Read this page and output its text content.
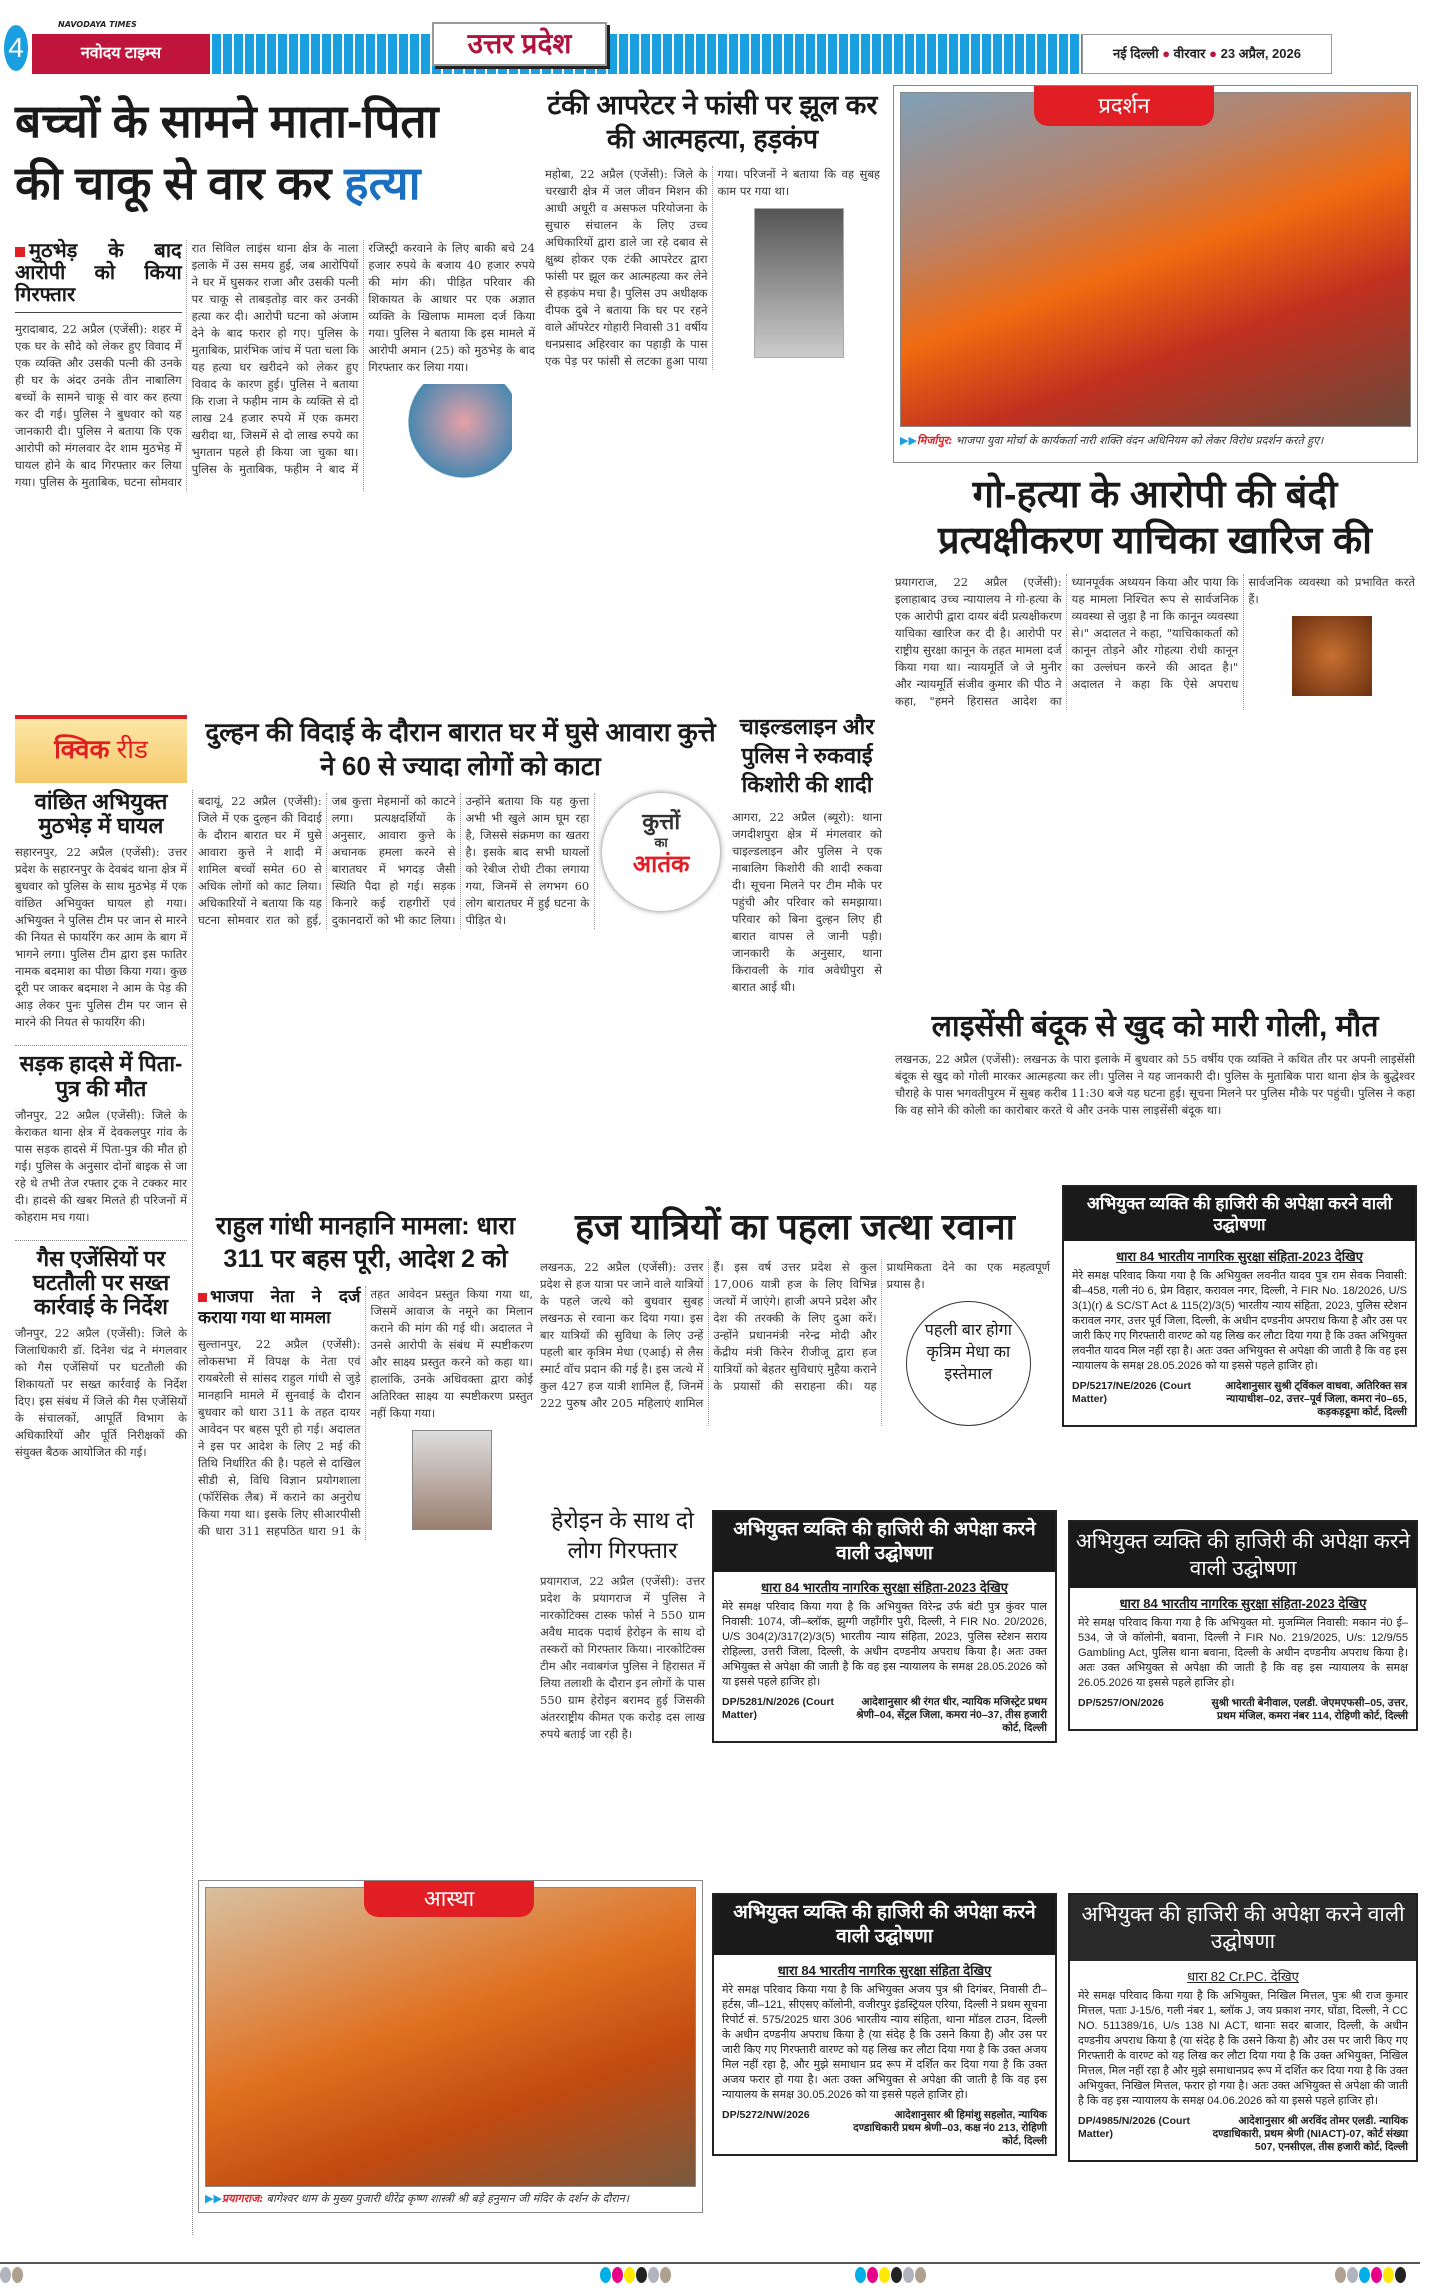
4
NAVODAYA TIMES
नवोदय टाइम्स	उत्तर प्रदेश	नई दिल्ली ● वीरवार ● 23 अप्रैल, 2026
बच्चों के सामने माता-पिता
की चाकू से वार कर हत्या
मुठभेड़ के बाद आरोपी को किया गिरफ्तार
मुरादाबाद, 22 अप्रैल (एजेंसी): शहर में एक घर के सौदे को लेकर हुए विवाद में एक व्यक्ति और उसकी पत्नी की उनके ही घर के अंदर उनके तीन नाबालिग बच्चों के सामने चाकू से वार कर हत्या कर दी गई। पुलिस ने बुधवार को यह जानकारी दी। पुलिस ने बताया कि एक आरोपी को मंगलवार देर शाम मुठभेड़ में घायल होने के बाद गिरफ्तार कर लिया गया। पुलिस के मुताबिक, घटना सोमवार रात सिविल लाइंस थाना क्षेत्र के नाला इलाके में उस समय हुई, जब आरोपियों ने घर में घुसकर राजा और उसकी पत्नी पर चाकू से ताबड़तोड़ वार कर उनकी हत्या कर दी। आरोपी घटना को अंजाम देने के बाद फरार हो गए। पुलिस के मुताबिक, प्रारंभिक जांच में पता चला कि यह हत्या घर खरीदने को लेकर हुए विवाद के कारण हुई। पुलिस ने बताया कि राजा ने फहीम नाम के व्यक्ति से दो लाख 24 हजार रुपये में एक कमरा खरीदा था, जिसमें से दो लाख रुपये का भुगतान पहले ही किया जा चुका था। पुलिस के मुताबिक, फहीम ने बाद में रजिस्ट्री करवाने के लिए बाकी बचे 24 हजार रुपये के बजाय 40 हजार रुपये की मांग की। पीड़ित परिवार की शिकायत के आधार पर एक अज्ञात व्यक्ति के खिलाफ मामला दर्ज किया गया। पुलिस ने बताया कि इस मामले में आरोपी अमान (25) को मुठभेड़ के बाद गिरफ्तार कर लिया गया।
टंकी आपरेटर ने फांसी पर झूल कर की आत्महत्या, हड़कंप
महोबा, 22 अप्रैल (एजेंसी): जिले के चरखारी क्षेत्र में जल जीवन मिशन की आधी अधूरी व असफल परियोजना के सुचारु संचालन के लिए उच्च अधिकारियों द्वारा डाले जा रहे दबाव से क्षुब्ध होकर एक टंकी आपरेटर द्वारा फांसी पर झूल कर आत्महत्या कर लेने से हड़कंप मचा है। पुलिस उप अधीक्षक दीपक दुबे ने बताया कि घर पर रहने वाले ऑपरेटर गोहारी निवासी 31 वर्षीय धनप्रसाद अहिरवार का पहाड़ी के पास एक पेड़ पर फांसी से लटका हुआ पाया गया। परिजनों ने बताया कि वह सुबह काम पर गया था।
प्रदर्शन
▶▶मिर्जापुर: भाजपा युवा मोर्चा के कार्यकर्ता नारी शक्ति वंदन अधिनियम को लेकर विरोध प्रदर्शन करते हुए।
गो-हत्या के आरोपी की बंदी प्रत्यक्षीकरण याचिका खारिज की
प्रयागराज, 22 अप्रैल (एजेंसी): इलाहाबाद उच्च न्यायालय ने गो-हत्या के एक आरोपी द्वारा दायर बंदी प्रत्यक्षीकरण याचिका खारिज कर दी है। आरोपी पर राष्ट्रीय सुरक्षा कानून के तहत मामला दर्ज किया गया था। न्यायमूर्ति जे जे मुनीर और न्यायमूर्ति संजीव कुमार की पीठ ने कहा, "हमने हिरासत आदेश का ध्यानपूर्वक अध्ययन किया और पाया कि यह मामला निश्चित रूप से सार्वजनिक व्यवस्था से जुड़ा है ना कि कानून व्यवस्था से।" अदालत ने कहा, "याचिकाकर्ता को कानून तोड़ने और गोहत्या रोधी कानून का उल्लंघन करने की आदत है।" अदालत ने कहा कि ऐसे अपराध सार्वजनिक व्यवस्था को प्रभावित करते हैं।
क्विक रीड
वांछित अभियुक्त मुठभेड़ में घायल
सहारनपुर, 22 अप्रैल (एजेंसी): उत्तर प्रदेश के सहारनपुर के देवबंद थाना क्षेत्र में बुधवार को पुलिस के साथ मुठभेड़ में एक वांछित अभियुक्त घायल हो गया। अभियुक्त ने पुलिस टीम पर जान से मारने की नियत से फायरिंग कर आम के बाग में भागने लगा। पुलिस टीम द्वारा इस फातिर नामक बदमाश का पीछा किया गया। कुछ दूरी पर जाकर बदमाश ने आम के पेड़ की आड़ लेकर पुनः पुलिस टीम पर जान से मारने की नियत से फायरिंग की।
सड़क हादसे में पिता-पुत्र की मौत
जौनपुर, 22 अप्रैल (एजेंसी): जिले के केराकत थाना क्षेत्र में देवकलपुर गांव के पास सड़क हादसे में पिता-पुत्र की मौत हो गई। पुलिस के अनुसार दोनों बाइक से जा रहे थे तभी तेज रफ्तार ट्रक ने टक्कर मार दी। हादसे की खबर मिलते ही परिजनों में कोहराम मच गया।
गैस एजेंसियों पर घटतौली पर सख्त कार्रवाई के निर्देश
जौनपुर, 22 अप्रैल (एजेंसी): जिले के जिलाधिकारी डॉ. दिनेश चंद्र ने मंगलवार को गैस एजेंसियों पर घटतौली की शिकायतों पर सख्त कार्रवाई के निर्देश दिए। इस संबंध में जिले की गैस एजेंसियों के संचालकों, आपूर्ति विभाग के अधिकारियों और पूर्ति निरीक्षकों की संयुक्त बैठक आयोजित की गई।
दुल्हन की विदाई के दौरान बारात घर में घुसे आवारा कुत्ते ने 60 से ज्यादा लोगों को काटा
बदायूं, 22 अप्रैल (एजेंसी): जिले में एक दुल्हन की विदाई के दौरान बारात घर में घुसे आवारा कुत्ते ने शादी में शामिल बच्चों समेत 60 से अधिक लोगों को काट लिया। अधिकारियों ने बताया कि यह घटना सोमवार रात को हुई, जब कुत्ता मेहमानों को काटने लगा। प्रत्यक्षदर्शियों के अनुसार, आवारा कुत्ते के अचानक हमला करने से बारातघर में भगदड़ जैसी स्थिति पैदा हो गई। सड़क किनारे कई राहगीरों एवं दुकानदारों को भी काट लिया। उन्होंने बताया कि यह कुत्ता अभी भी खुले आम घूम रहा है, जिससे संक्रमण का खतरा है। इसके बाद सभी घायलों को रेबीज रोधी टीका लगाया गया, जिनमें से लगभग 60 लोग बारातघर में हुई घटना के पीड़ित थे।
कुत्तों
का
आतंक
चाइल्डलाइन और पुलिस ने रुकवाई किशोरी की शादी
आगरा, 22 अप्रैल (ब्यूरो): थाना जगदीशपुरा क्षेत्र में मंगलवार को चाइल्डलाइन और पुलिस ने एक नाबालिग किशोरी की शादी रुकवा दी। सूचना मिलने पर टीम मौके पर पहुंची और परिवार को समझाया। परिवार को बिना दुल्हन लिए ही बारात वापस ले जानी पड़ी। जानकारी के अनुसार, थाना किरावली के गांव अवेधीपुरा से बारात आई थी।
लाइसेंसी बंदूक से खुद को मारी गोली, मौत
लखनऊ, 22 अप्रैल (एजेंसी): लखनऊ के पारा इलाके में बुधवार को 55 वर्षीय एक व्यक्ति ने कथित तौर पर अपनी लाइसेंसी बंदूक से खुद को गोली मारकर आत्महत्या कर ली। पुलिस ने यह जानकारी दी। पुलिस के मुताबिक पारा थाना क्षेत्र के बुद्धेश्वर चौराहे के पास भगवतीपुरम में सुबह करीब 11:30 बजे यह घटना हुई। सूचना मिलने पर पुलिस मौके पर पहुंची। पुलिस ने कहा कि वह सोने की कोली का कारोबार करते थे और उनके पास लाइसेंसी बंदूक था।
राहुल गांधी मानहानि मामला: धारा 311 पर बहस पूरी, आदेश 2 को
भाजपा नेता ने दर्ज कराया गया था मामला
सुल्तानपुर, 22 अप्रैल (एजेंसी): लोकसभा में विपक्ष के नेता एवं रायबरेली से सांसद राहुल गांधी से जुड़े मानहानि मामले में सुनवाई के दौरान बुधवार को धारा 311 के तहत दायर आवेदन पर बहस पूरी हो गई। अदालत ने इस पर आदेश के लिए 2 मई की तिथि निर्धारित की है। पहले से दाखिल सीडी से, विधि विज्ञान प्रयोगशाला (फॉरेंसिक लैब) में कराने का अनुरोध किया गया था। इसके लिए सीआरपीसी की धारा 311 सहपठित धारा 91 के तहत आवेदन प्रस्तुत किया गया था, जिसमें आवाज के नमूने का मिलान कराने की मांग की गई थी। अदालत ने उनसे आरोपी के संबंध में स्पष्टीकरण और साक्ष्य प्रस्तुत करने को कहा था। हालांकि, उनके अधिवक्ता द्वारा कोई अतिरिक्त साक्ष्य या स्पष्टीकरण प्रस्तुत नहीं किया गया।
हज यात्रियों का पहला जत्था रवाना
लखनऊ, 22 अप्रैल (एजेंसी): उत्तर प्रदेश से हज यात्रा पर जाने वाले यात्रियों के पहले जत्थे को बुधवार सुबह लखनऊ से रवाना कर दिया गया। इस बार यात्रियों की सुविधा के लिए उन्हें पहली बार कृत्रिम मेधा (एआई) से लैस स्मार्ट वॉच प्रदान की गई है। इस जत्थे में कुल 427 हज यात्री शामिल हैं, जिनमें 222 पुरुष और 205 महिलाएं शामिल हैं। इस वर्ष उत्तर प्रदेश से कुल 17,006 यात्री हज के लिए विभिन्न जत्थों में जाएंगे। हाजी अपने प्रदेश और देश की तरक्की के लिए दुआ करें। उन्होंने प्रधानमंत्री नरेन्द्र मोदी और केंद्रीय मंत्री किरेन रीजीजू द्वारा हज यात्रियों को बेहतर सुविधाएं मुहैया कराने के प्रयासों की सराहना की। यह प्राथमिकता देने का एक महत्वपूर्ण प्रयास है।
पहली बार होगा कृत्रिम मेधा का इस्तेमाल
हेरोइन के साथ दो लोग गिरफ्तार
प्रयागराज, 22 अप्रैल (एजेंसी): उत्तर प्रदेश के प्रयागराज में पुलिस ने नारकोटिक्स टास्क फोर्स ने 550 ग्राम अवैध मादक पदार्थ हेरोइन के साथ दो तस्करों को गिरफ्तार किया। नारकोटिक्स टीम और नवाबगंज पुलिस ने हिरासत में लिया तलाशी के दौरान इन लोगों के पास 550 ग्राम हेरोइन बरामद हुई जिसकी अंतरराष्ट्रीय कीमत एक करोड़ दस लाख रुपये बताई जा रही है।
आस्था
▶▶प्रयागराज: बागेश्वर धाम के मुख्य पुजारी धीरेंद्र कृष्ण शास्त्री श्री बड़े हनुमान जी मंदिर के दर्शन के दौरान।
अभियुक्त व्यक्ति की हाजिरी की अपेक्षा करने वाली उद्घोषणा
धारा 84 भारतीय नागरिक सुरक्षा संहिता-2023 देखिए
मेरे समक्ष परिवाद किया गया है कि अभियुक्त लवनीत यादव पुत्र राम सेवक निवासी: बी–458, गली नं0 6, प्रेम विहार, करावल नगर, दिल्ली, ने FIR No. 18/2026, U/S 3(1)(r) & SC/ST Act & 115(2)/3(5) भारतीय न्याय संहिता, 2023, पुलिस स्टेशन करावल नगर, उत्तर पूर्व जिला, दिल्ली, के अधीन दण्डनीय अपराध किया है और उस पर जारी किए गए गिरफ्तारी वारण्ट को यह लिख कर लौटा दिया गया है कि उक्त अभियुक्त लवनीत यादव मिल नहीं रहा है। अतः उक्त अभियुक्त से अपेक्षा की जाती है कि वह इस न्यायालय के समक्ष 28.05.2026 को या इससे पहले हाजिर हो।
DP/5217/NE/2026 (Court Matter)
आदेशानुसार सुश्री ट्विंकल वाधवा, अतिरिक्त सत्र न्यायाधीश–02, उत्तर–पूर्व जिला, कमरा नं0–65, कड़कड़डूमा कोर्ट, दिल्ली
अभियुक्त व्यक्ति की हाजिरी की अपेक्षा करने वाली उद्घोषणा
धारा 84 भारतीय नागरिक सुरक्षा संहिता-2023 देखिए
मेरे समक्ष परिवाद किया गया है कि अभियुक्त विरेन्द्र उर्फ बंटी पुत्र कुंवर पाल निवासी: 1074, जी–ब्लॉक, झुग्गी जहाँगीर पुरी, दिल्ली, ने FIR No. 20/2026, U/S 304(2)/317(2)/3(5) भारतीय न्याय संहिता, 2023, पुलिस स्टेशन सराय रोहिल्ला, उत्तरी जिला, दिल्ली, के अधीन दण्डनीय अपराध किया है। अतः उक्त अभियुक्त से अपेक्षा की जाती है कि वह इस न्यायालय के समक्ष 28.05.2026 को या इससे पहले हाजिर हो।
DP/5281/N/2026 (Court Matter)
आदेशानुसार श्री रंगत धीर, न्यायिक मजिस्ट्रेट प्रथम श्रेणी–04, सेंट्रल जिला, कमरा नं0–37, तीस हजारी कोर्ट, दिल्ली
अभियुक्त व्यक्ति की हाजिरी की अपेक्षा करने वाली उद्घोषणा
धारा 84 भारतीय नागरिक सुरक्षा संहिता-2023 देखिए
मेरे समक्ष परिवाद किया गया है कि अभियुक्त मो. मुजम्मिल निवासी: मकान नं0 ई–534, जे जे कॉलोनी, बवाना, दिल्ली ने FIR No. 219/2025, U/s: 12/9/55 Gambling Act, पुलिस थाना बवाना, दिल्ली के अधीन दण्डनीय अपराध किया है। अतः उक्त अभियुक्त से अपेक्षा की जाती है कि वह इस न्यायालय के समक्ष 26.05.2026 या इससे पहले हाजिर हो।
DP/5257/ON/2026	सुश्री भारती बेनीवाल, एलडी. जेएमएफसी–05, उत्तर, प्रथम मंजिल, कमरा नंबर 114, रोहिणी कोर्ट, दिल्ली
अभियुक्त व्यक्ति की हाजिरी की अपेक्षा करने वाली उद्घोषणा
धारा 84 भारतीय नागरिक सुरक्षा संहिता देखिए
मेरे समक्ष परिवाद किया गया है कि अभियुक्त अजय पुत्र श्री दिगंबर, निवासी टी–हर्टस, जी–121, सीएसए कॉलोनी, वजीरपुर इंडस्ट्रियल एरिया, दिल्ली ने प्रथम सूचना रिपोर्ट सं. 575/2025 धारा 306 भारतीय न्याय संहिता, थाना मॉडल टाउन, दिल्ली के अधीन दण्डनीय अपराध किया है (या संदेह है कि उसने किया है) और उस पर जारी किए गए गिरफ्तारी वारण्ट को यह लिख कर लौटा दिया गया है कि उक्त अजय मिल नहीं रहा है, और मुझे समाधान प्रद रूप में दर्शित कर दिया गया है कि उक्त अजय फरार हो गया है। अतः उक्त अभियुक्त से अपेक्षा की जाती है कि वह इस न्यायालय के समक्ष 30.05.2026 को या इससे पहले हाजिर हो।
DP/5272/NW/2026	आदेशानुसार श्री हिमांशु सहलोत, न्यायिक दण्डाधिकारी प्रथम श्रेणी–03, कक्ष नं0 213, रोहिणी कोर्ट, दिल्ली
अभियुक्त की हाजिरी की अपेक्षा करने वाली उद्घोषणा
धारा 82 Cr.PC. देखिए
मेरे समक्ष परिवाद किया गया है कि अभियुक्त, निखिल मित्तल, पुत्रः श्री राज कुमार मित्तल, पताः J-15/6, गली नंबर 1, ब्लॉक J, जय प्रकाश नगर, घोंडा, दिल्ली, ने CC NO. 511389/16, U/s 138 NI ACT, थानाः सदर बाजार, दिल्ली, के अधीन दण्डनीय अपराध किया है (या संदेह है कि उसने किया है) और उस पर जारी किए गए गिरफ्तारी के वारण्ट को यह लिख कर लौटा दिया गया है कि उक्त अभियुक्त, निखिल मित्तल, मिल नहीं रहा है और मुझे समाधानप्रद रूप में दर्शित कर दिया गया है कि उक्त अभियुक्त, निखिल मित्तल, फरार हो गया है। अतः उक्त अभियुक्त से अपेक्षा की जाती है कि वह इस न्यायालय के समक्ष 04.06.2026 को या इससे पहले हाजिर हो।
DP/4985/N/2026 (Court Matter)
आदेशानुसार श्री अरविंद तोमर एलडी. न्यायिक दण्डाधिकारी, प्रथम श्रेणी (NIACT)-07, कोर्ट संख्या 507, एनसीएल, तीस हजारी कोर्ट, दिल्ली
